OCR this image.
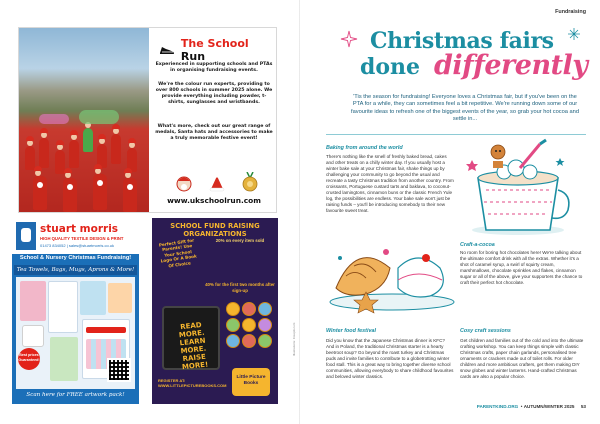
The School Run
Experienced in supporting schools and PTAs in organising fundraising events.
We're the colour run experts, providing to over 800 schools in summer 2025 alone. We provide everything including powder, t-shirts, sunglasses and wristbands.
What's more, check out our great range of medals, Santa hats and accessories to make a truly memorable festive event!
www.ukschoolrun.com
stuart morris
HIGH QUALITY TEXTILE DESIGN & PRINT
01473 834052 | sales@stuartmorris.co.uk
School & Nursery Christmas Fundraising!
Tea Towels, Bags, Mugs, Aprons & More!
Best prices Guaranteed!
Scan here for FREE artwork pack!
SCHOOL FUND RAISING ORGANIZATIONS
Perfect Gift for Parents! Use Your School Logo Or A Book Of Choice
20% on every item sold
40% for the first two months after sign-up
READ MORE. LEARN MORE. RAISE MORE!
REGISTER AT: WWW.LITTLEPICTUREBOOKS.COM
Little Picture Books
Fundraising
Christmas fairs
done differently
'Tis the season for fundraising! Everyone loves a Christmas fair, but if you've been on the PTA for a while, they can sometimes feel a bit repetitive. We're running down some of our favourite ideas to refresh one of the biggest events of the year, so grab your hot cocoa and settle in...
Baking from around the world
There's nothing like the smell of freshly baked bread, cakes and other treats on a chilly winter day. If you usually host a winter bake sale at your Christmas fair, shake things up by challenging your community to go beyond the usual and recreate a tasty Christmas tradition from another country. From croissants, Portuguese custard tarts and baklava, to coconut-crusted lamingtons, cinnamon buns or the classic French Yule log, the possibilities are endless. Your bake sale won't just be raising funds – you'll be introducing somebody to their new favourite sweet treat.
Craft-a-cocoa
No room for boring hot chocolates here! We're talking about the ultimate comfort drink with all the extras. Whether it's a shot of caramel syrup, a swirl of squirty cream, marshmallows, chocolate sprinkles and flakes, cinnamon sugar or all of the above, give your supporters the chance to craft their perfect hot chocolate.
Winter food festival
Did you know that the Japanese Christmas dinner is KFC? And in Poland, the traditional Christmas starter is a hearty beetroot soup? Go beyond the roast turkey and Christmas puds and invite families to contribute to a globetrotting winter food stall. This is a great way to bring together diverse school communities, allowing everybody to share childhood favourites and beloved winter classics.
Cosy craft sessions
Get children and families out of the cold and into the ultimate crafting workshop. You can keep things simple with classic Christmas crafts, paper chain garlands, personalised tree ornaments or crackers made out of toilet rolls. For older children and more ambitious crafters, get them making DIY snow globes and winter lanterns. Hand-crafted Christmas cards are also a popular choice.
PARENTKIND.ORG  • AUTUMN/WINTER 2025 53
Illustrations: Freepik.com
